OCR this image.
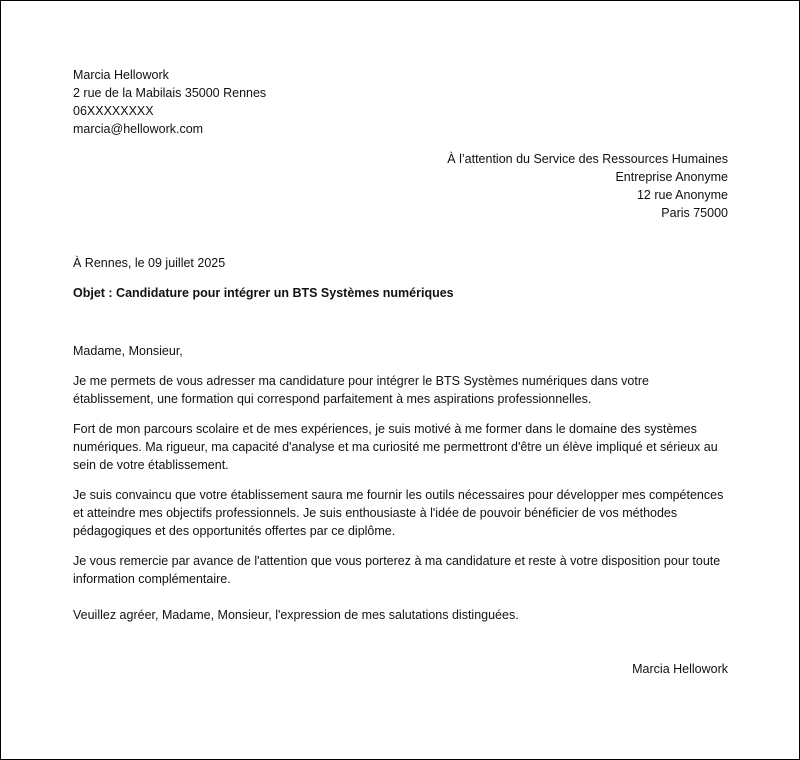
Marcia Hellowork

2 rue de la Mabilais 35000 Rennes

06XXXXXXXX

marcia@hellowork.com

À l’attention du Service des Ressources Humaines

Entreprise Anonyme

12 rue Anonyme

Paris 75000

À Rennes, le 09 juillet 2025

Objet : Candidature pour intégrer un BTS Systèmes numériques

Madame, Monsieur,

Je me permets de vous adresser ma candidature pour intégrer le BTS Systèmes numériques dans votre établissement, une formation qui correspond parfaitement à mes aspirations professionnelles.

Fort de mon parcours scolaire et de mes expériences, je suis motivé à me former dans le domaine des systèmes numériques. Ma rigueur, ma capacité d'analyse et ma curiosité me permettront d'être un élève impliqué et sérieux au sein de votre établissement.

Je suis convaincu que votre établissement saura me fournir les outils nécessaires pour développer mes compétences et atteindre mes objectifs professionnels. Je suis enthousiaste à l'idée de pouvoir bénéficier de vos méthodes pédagogiques et des opportunités offertes par ce diplôme.

Je vous remercie par avance de l'attention que vous porterez à ma candidature et reste à votre disposition pour toute information complémentaire.

Veuillez agréer, Madame, Monsieur, l'expression de mes salutations distinguées.

Marcia Hellowork
